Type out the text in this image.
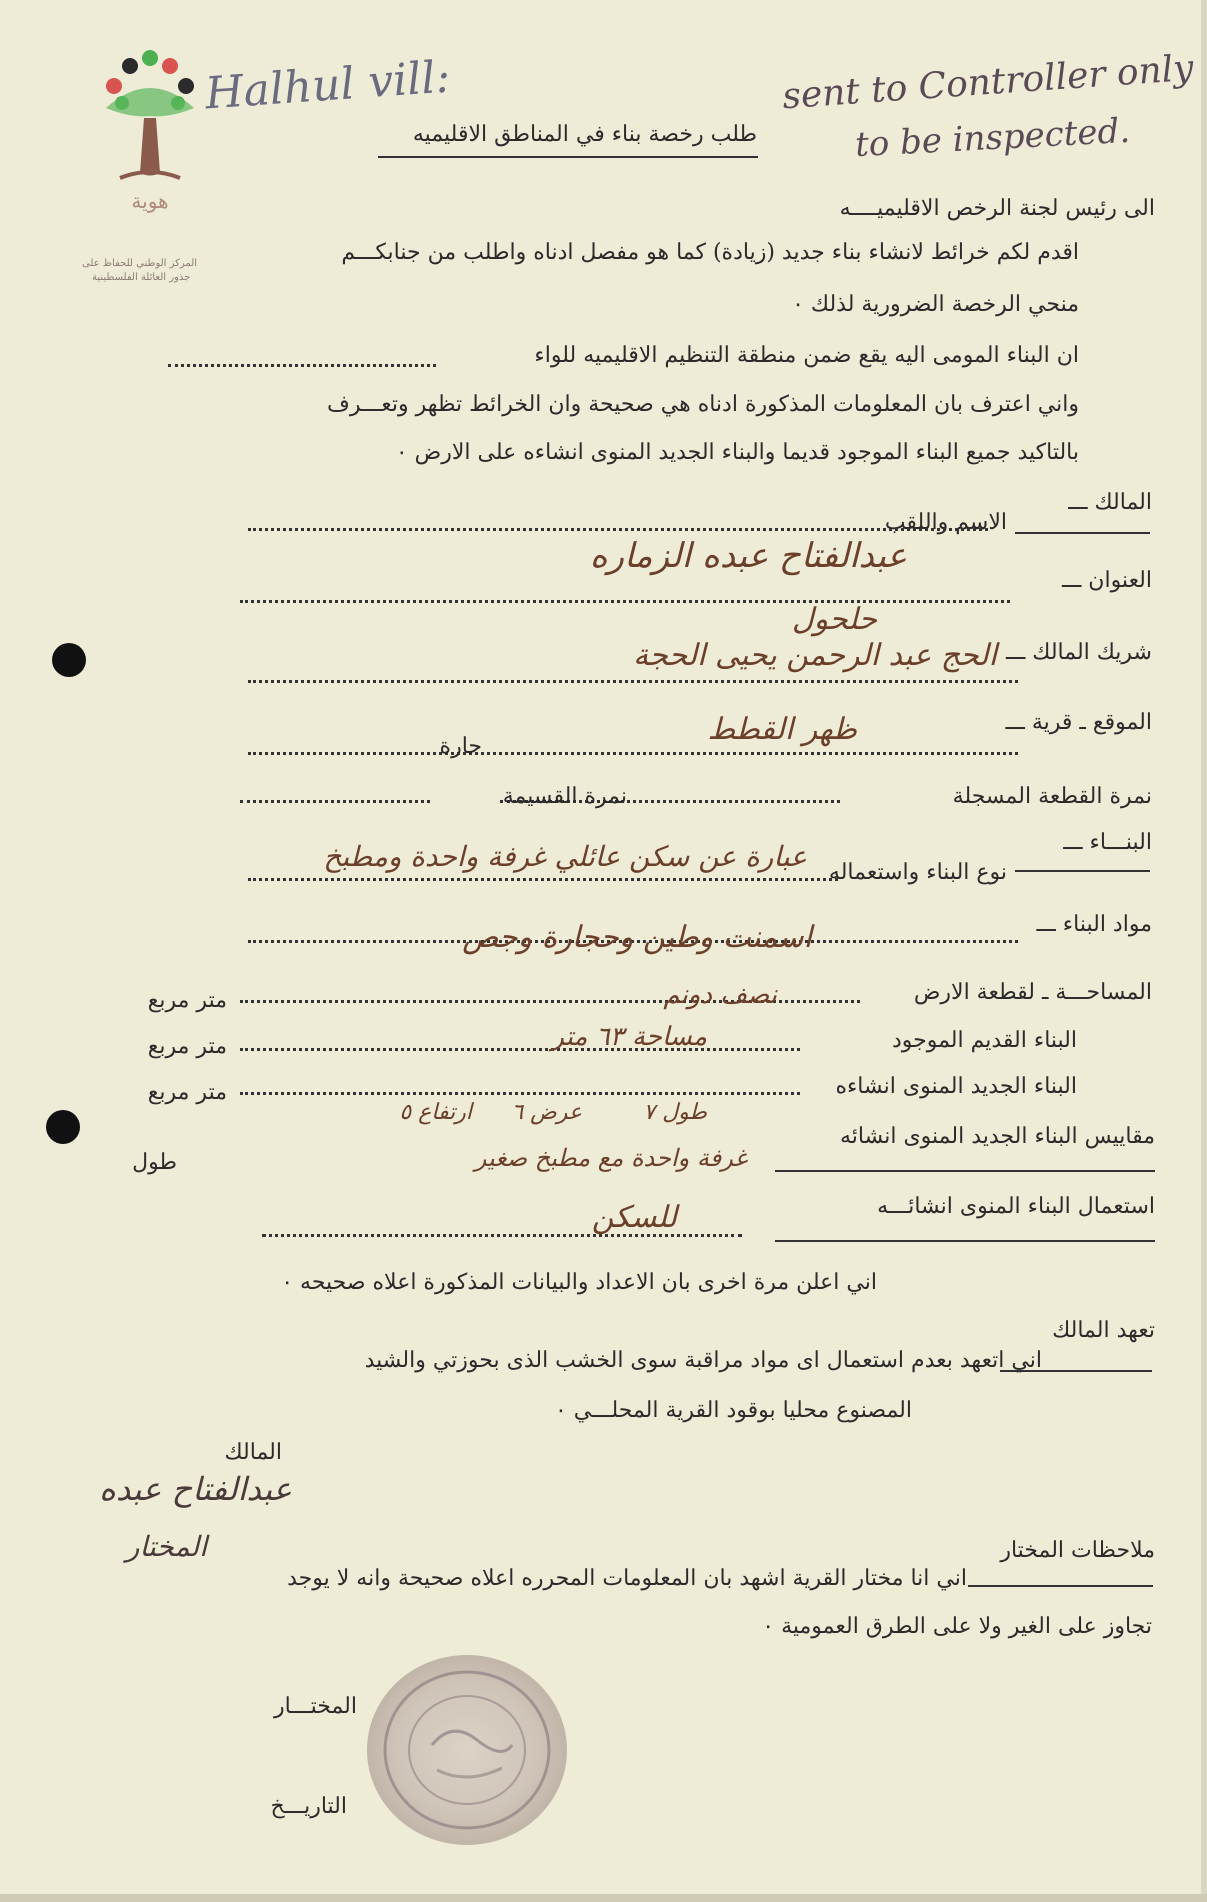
هوية
المركز الوطني للحفاظ على
جذور العائلة الفلسطينية
Halhul vill:	sent to Controller only
to be inspected.
طلب رخصة بناء في المناطق الاقليميه
الى رئيس لجنة الرخص الاقليميــــه
اقدم لكم خرائط لانشاء بناء جديد (زيادة) كما هو مفصل ادناه واطلب من جنابكـــم
منحي الرخصة الضرورية لذلك ٠
ان البناء المومى اليه يقع ضمن منطقة التنظيم الاقليميه للواء
واني اعترف بان المعلومات المذكورة ادناه هي صحيحة وان الخرائط تظهر وتعـــرف
بالتاكيد جميع البناء الموجود قديما والبناء الجديد المنوى انشاءه على الارض ٠
المالك ـــ
الاسم واللقب
عبدالفتاح عبده الزماره
العنوان ـــ
حلحول
شريك المالك ـــ
الحج عبد الرحمن يحيى الحجة
الموقع ـ قرية ـــ
ظهر القطط
حارة
نمرة القطعة المسجلة
نمرة القسيمة
البنـــاء ـــ
نوع البناء واستعماله
عبارة عن سكن عائلي غرفة واحدة ومطبخ
مواد البناء ـــ
اسمنت وطين وحجارة وجص
المساحـــة ـ لقطعة الارض
نصف دونم
متر مربع
البناء القديم الموجود
مساحة ٦٣ متر
متر مربع
البناء الجديد المنوى انشاءه
متر مربع
مقاييس البناء الجديد المنوى انشائه
طول ٧
عرض ٦
ارتفاع ٥
غرفة واحدة مع مطبخ صغير
طول
استعمال البناء المنوى انشائـــه
للسكن
اني اعلن مرة اخرى بان الاعداد والبيانات المذكورة اعلاه صحيحه ٠
تعهد المالك
اني اتعهد بعدم استعمال اى مواد مراقبة سوى الخشب الذى بحوزتي والشيد
المصنوع محليا بوقود القرية المحلـــي ٠
المالك
عبدالفتاح عبده
المختار	ملاحظات المختار
اني انا مختار القرية اشهد بان المعلومات المحرره اعلاه صحيحة وانه لا يوجد
تجاوز على الغير ولا على الطرق العمومية ٠
المختـــار
التاريـــخ
